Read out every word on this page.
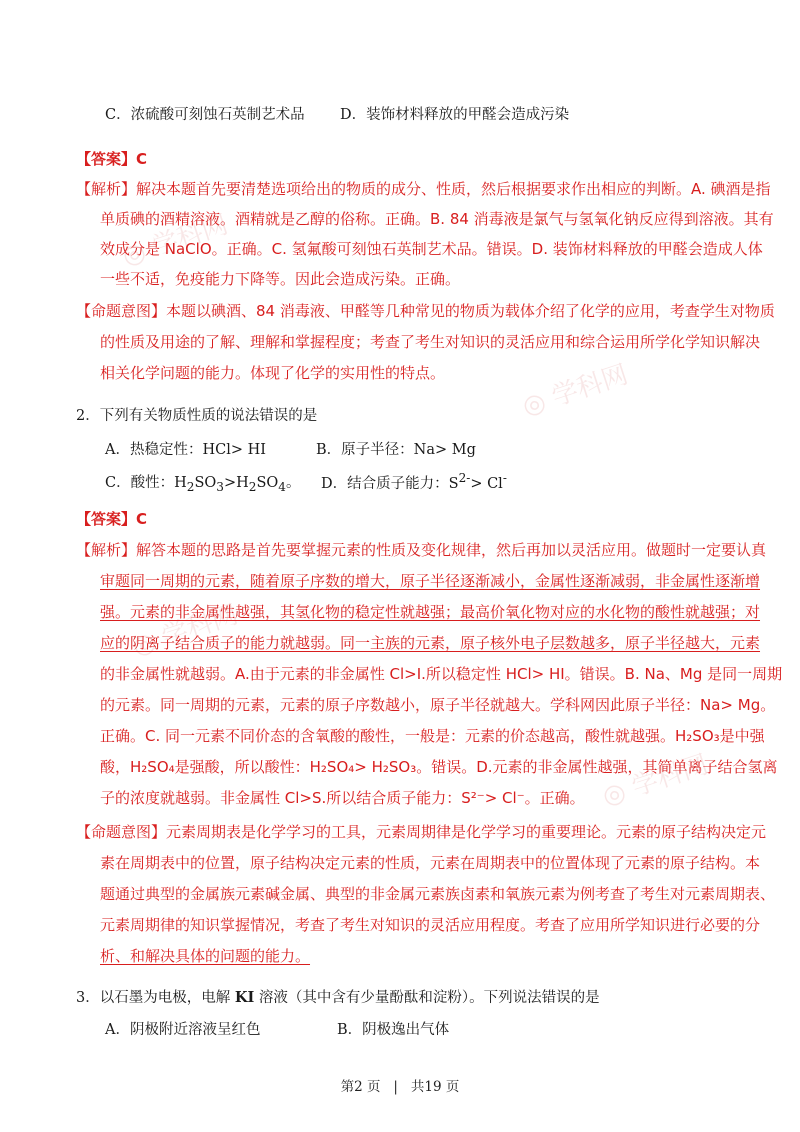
◎ 学科网
◎ 学科网
◎ 学科网
◎ 学科网
C．浓硫酸可刻蚀石英制艺术品 D．装饰材料释放的甲醛会造成污染
【答案】C
【解析】解决本题首先要清楚选项给出的物质的成分、性质，然后根据要求作出相应的判断。A. 碘酒是指
单质碘的酒精溶液。酒精就是乙醇的俗称。正确。B. 84 消毒液是氯气与氢氧化钠反应得到溶液。其有
效成分是 NaClO。正确。C. 氢氟酸可刻蚀石英制艺术品。错误。D. 装饰材料释放的甲醛会造成人体
一些不适，免疫能力下降等。因此会造成污染。正确。
【命题意图】本题以碘酒、84 消毒液、甲醛等几种常见的物质为载体介绍了化学的应用，考查学生对物质
的性质及用途的了解、理解和掌握程度；考查了考生对知识的灵活应用和综合运用所学化学知识解决
相关化学问题的能力。体现了化学的实用性的特点。
2．下列有关物质性质的说法错误的是
A．热稳定性：HCl> HI	B．原子半径：Na> Mg
C．酸性：$H_2SO_3>H_2SO_4$。 D．结合质子能力：$S^{2-}> Cl^-$
【答案】C
【解析】解答本题的思路是首先要掌握元素的性质及变化规律，然后再加以灵活应用。做题时一定要认真
审题同一周期的元素，随着原子序数的增大，原子半径逐渐减小，金属性逐渐减弱，非金属性逐渐增
强。元素的非金属性越强，其氢化物的稳定性就越强；最高价氧化物对应的水化物的酸性就越强；对
应的阴离子结合质子的能力就越弱。同一主族的元素，原子核外电子层数越多，原子半径越大，元素
的非金属性就越弱。A.由于元素的非金属性 Cl>I.所以稳定性 HCl> HI。错误。B. Na、Mg 是同一周期
的元素。同一周期的元素，元素的原子序数越小，原子半径就越大。学科网因此原子半径：Na> Mg。
正确。C. 同一元素不同价态的含氧酸的酸性，一般是：元素的价态越高，酸性就越强。H₂SO₃是中强
酸，H₂SO₄是强酸，所以酸性：H₂SO₄> H₂SO₃。错误。D.元素的非金属性越强，其简单离子结合氢离
子的浓度就越弱。非金属性 Cl>S.所以结合质子能力：S²⁻> Cl⁻。正确。
【命题意图】元素周期表是化学学习的工具，元素周期律是化学学习的重要理论。元素的原子结构决定元
素在周期表中的位置，原子结构决定元素的性质，元素在周期表中的位置体现了元素的原子结构。本
题通过典型的金属族元素碱金属、典型的非金属元素族卤素和氧族元素为例考查了考生对元素周期表、
元素周期律的知识掌握情况，考查了考生对知识的灵活应用程度。考查了应用所学知识进行必要的分
析、和解决具体的问题的能力。
3．以石墨为电极，电解 KI 溶液（其中含有少量酚酞和淀粉）。下列说法错误的是
A．阴极附近溶液呈红色	B．阴极逸出气体
第2 页 | 共19 页
